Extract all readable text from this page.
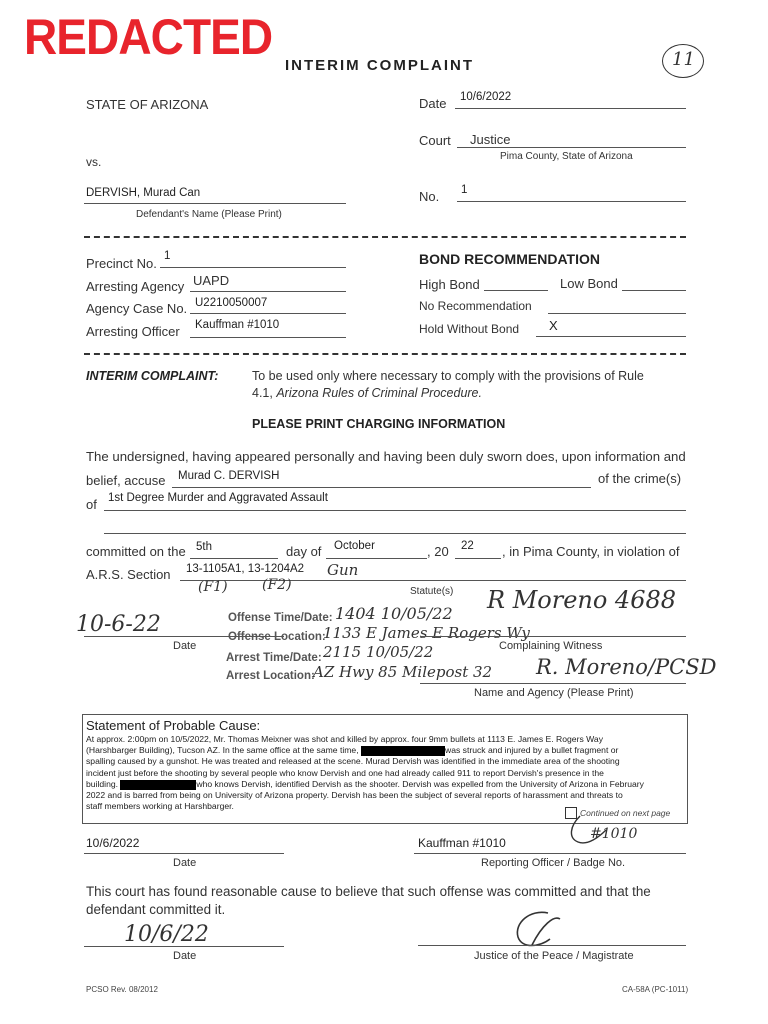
REDACTED	11
INTERIM COMPLAINT
STATE OF ARIZONA	Date 10/6/2022
Court Justice
Pima County, State of Arizona
vs.
DERVISH, Murad Can
Defendant's Name (Please Print)
No. 1
Precinct No. 1
Arresting Agency UAPD
Agency Case No. U2210050007
Arresting Officer Kauffman #1010
BOND RECOMMENDATION
High Bond	Low Bond
No Recommendation
Hold Without Bond X
INTERIM COMPLAINT:	To be used only where necessary to comply with the provisions of Rule
4.1, Arizona Rules of Criminal Procedure.
PLEASE PRINT CHARGING INFORMATION
The undersigned, having appeared personally and having been duly sworn does, upon information and
belief, accuse Murad C. DERVISH	of the crime(s)
of 1st Degree Murder and Aggravated Assault
committed on the 5th	day of October	, 20 22 , in Pima County, in violation of
A.R.S. Section 13-1105A1, 13-1204A2 Gun
(F1) (F2)	Statute(s)
10-6-22
Date
R Moreno 4688
Complaining Witness
Offense Time/Date: 1404 10/05/22
Offense Location:
1133 E James E Rogers Wy
Arrest Time/Date: 2115 10/05/22
Arrest Location:
AZ Hwy 85 Milepost 32 R. Moreno/PCSD
Name and Agency (Please Print)
Statement of Probable Cause:
At approx. 2:00pm on 10/5/2022, Mr. Thomas Meixner was shot and killed by approx. four 9mm bullets at 1113 E. James E. Rogers Way
(Harshbarger Building), Tucson AZ. In the same office at the same time,	was struck and injured by a bullet fragment or
spalling caused by a gunshot. He was treated and released at the scene. Murad Dervish was identified in the immediate area of the shooting
incident just before the shooting by several people who know Dervish and one had already called 911 to report Dervish's presence in the
building.	who knows Dervish, identified Dervish as the shooter. Dervish was expelled from the University of Arizona in February
2022 and is barred from being on University of Arizona property. Dervish has been the subject of several reports of harassment and threats to
staff members working at Harshbarger.
Continued on next page
10/6/2022
Date
Kauffman #1010
#1010
Reporting Officer / Badge No.
This court has found reasonable cause to believe that such offense was committed and that the
defendant committed it.
10/6/22
Date	Justice of the Peace / Magistrate
PCSO Rev. 08/2012	CA-58A (PC-1011)
